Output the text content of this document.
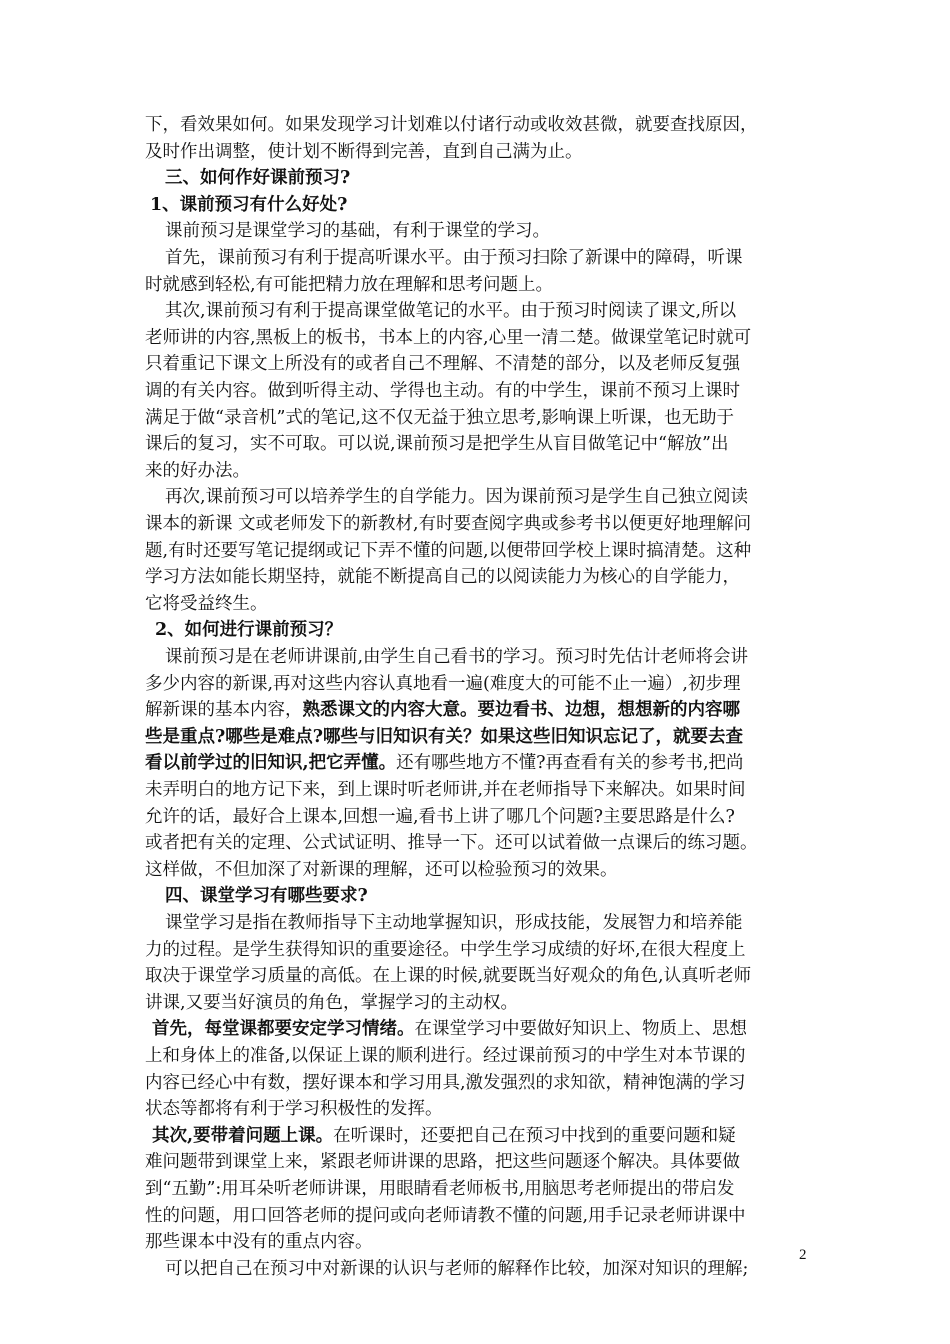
下，看效果如何。如果发现学习计划难以付诸行动或收效甚微，就要查找原因，
及时作出调整，使计划不断得到完善，直到自己满为止。
三、如何作好课前预习?
1、课前预习有什么好处?
课前预习是课堂学习的基础，有利于课堂的学习。
首先，课前预习有利于提高听课水平。由于预习扫除了新课中的障碍，听课
时就感到轻松,有可能把精力放在理解和思考问题上。
其次,课前预习有利于提高课堂做笔记的水平。由于预习时阅读了课文,所以
老师讲的内容,黑板上的板书，书本上的内容,心里一清二楚。做课堂笔记时就可
只着重记下课文上所没有的或者自己不理解、不清楚的部分，以及老师反复强
调的有关内容。做到听得主动、学得也主动。有的中学生，课前不预习上课时
满足于做“录音机”式的笔记,这不仅无益于独立思考,影响课上听课，也无助于
课后的复习，实不可取。可以说,课前预习是把学生从盲目做笔记中“解放”出
来的好办法。
再次,课前预习可以培养学生的自学能力。因为课前预习是学生自己独立阅读
课本的新课 文或老师发下的新教材,有时要查阅字典或参考书以便更好地理解问
题,有时还要写笔记提纲或记下弄不懂的问题,以便带回学校上课时搞清楚。这种
学习方法如能长期坚持，就能不断提高自己的以阅读能力为核心的自学能力，
它将受益终生。
2、如何进行课前预习？
课前预习是在老师讲课前,由学生自己看书的学习。预习时先估计老师将会讲
多少内容的新课,再对这些内容认真地看一遍(难度大的可能不止一遍）,初步理
解新课的基本内容，熟悉课文的内容大意。要边看书、边想，想想新的内容哪
些是重点?哪些是难点?哪些与旧知识有关？如果这些旧知识忘记了，就要去查
看以前学过的旧知识,把它弄懂。还有哪些地方不懂?再查看有关的参考书,把尚
未弄明白的地方记下来，到上课时听老师讲,并在老师指导下来解决。如果时间
允许的话，最好合上课本,回想一遍,看书上讲了哪几个问题?主要思路是什么?
或者把有关的定理、公式试证明、推导一下。还可以试着做一点课后的练习题。
这样做，不但加深了对新课的理解，还可以检验预习的效果。
四、课堂学习有哪些要求?
课堂学习是指在教师指导下主动地掌握知识，形成技能，发展智力和培养能
力的过程。是学生获得知识的重要途径。中学生学习成绩的好坏,在很大程度上
取决于课堂学习质量的高低。在上课的时候,就要既当好观众的角色,认真听老师
讲课,又要当好演员的角色，掌握学习的主动权。
首先，每堂课都要安定学习情绪。在课堂学习中要做好知识上、物质上、思想
上和身体上的准备,以保证上课的顺利进行。经过课前预习的中学生对本节课的
内容已经心中有数，摆好课本和学习用具,激发强烈的求知欲，精神饱满的学习
状态等都将有利于学习积极性的发挥。
其次,要带着问题上课。在听课时，还要把自己在预习中找到的重要问题和疑
难问题带到课堂上来，紧跟老师讲课的思路，把这些问题逐个解决。具体要做
到“五勤”:用耳朵听老师讲课，用眼睛看老师板书,用脑思考老师提出的带启发
性的问题，用口回答老师的提问或向老师请教不懂的问题,用手记录老师讲课中
那些课本中没有的重点内容。
可以把自己在预习中对新课的认识与老师的解释作比较，加深对知识的理解;
2
